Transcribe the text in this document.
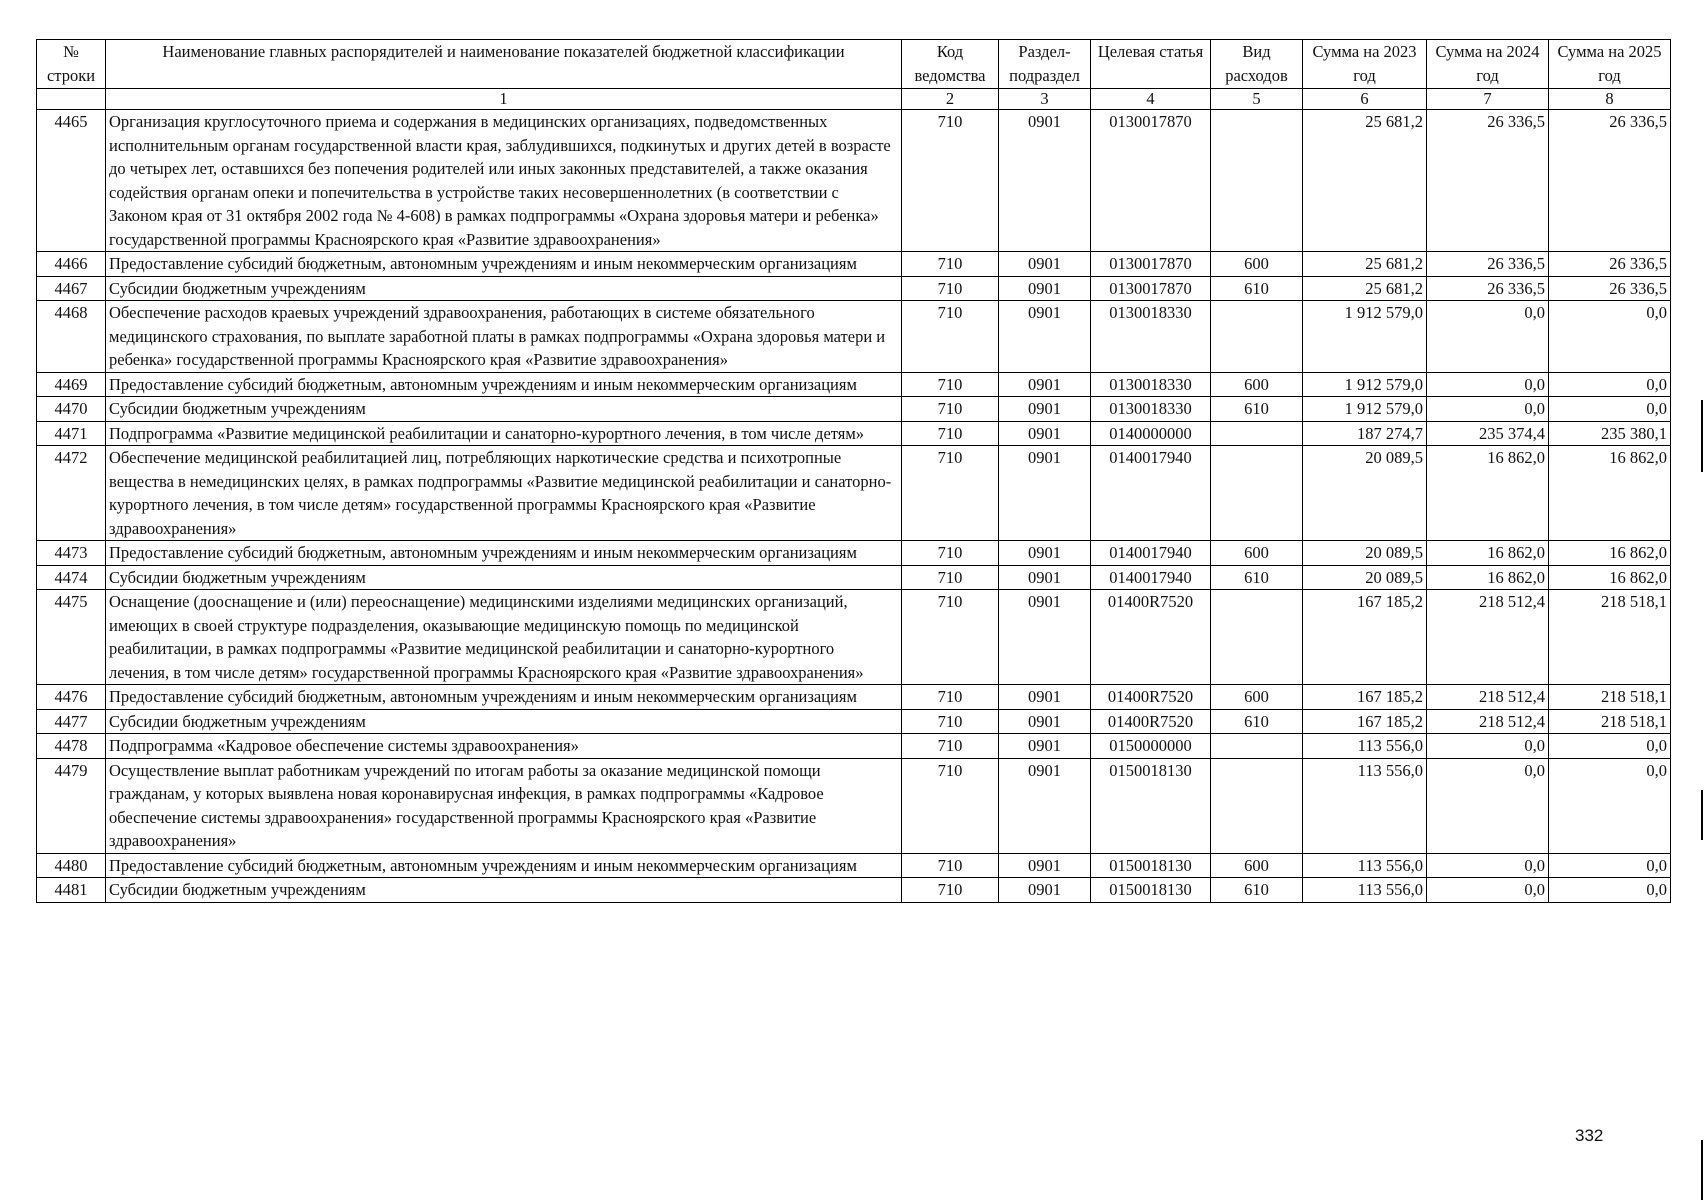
№ строки	Наименование главных распорядителей и наименование показателей бюджетной классификации	Код ведомства	Раздел-подраздел	Целевая статья	Вид расходов	Сумма на 2023 год	Сумма на 2024 год	Сумма на 2025 год
	1	2	3	4	5	6	7	8
4465	Организация круглосуточного приема и содержания в медицинских организациях, подведомственных исполнительным органам государственной власти края, заблудившихся, подкинутых и других детей в возрасте до четырех лет, оставшихся без попечения родителей или иных законных представителей, а также оказания содействия органам опеки и попечительства в устройстве таких несовершеннолетних (в соответствии с Законом края от 31 октября 2002 года № 4-608) в рамках подпрограммы «Охрана здоровья матери и ребенка» государственной программы Красноярского края «Развитие здравоохранения»	710	0901	0130017870		25 681,2	26 336,5	26 336,5
4466	Предоставление субсидий бюджетным, автономным учреждениям и иным некоммерческим организациям	710	0901	0130017870	600	25 681,2	26 336,5	26 336,5
4467	Субсидии бюджетным учреждениям	710	0901	0130017870	610	25 681,2	26 336,5	26 336,5
4468	Обеспечение расходов краевых учреждений здравоохранения, работающих в системе обязательного медицинского страхования, по выплате заработной платы в рамках подпрограммы «Охрана здоровья матери и ребенка» государственной программы Красноярского края «Развитие здравоохранения»	710	0901	0130018330		1 912 579,0	0,0	0,0
4469	Предоставление субсидий бюджетным, автономным учреждениям и иным некоммерческим организациям	710	0901	0130018330	600	1 912 579,0	0,0	0,0
4470	Субсидии бюджетным учреждениям	710	0901	0130018330	610	1 912 579,0	0,0	0,0
4471	Подпрограмма «Развитие медицинской реабилитации и санаторно-курортного лечения, в том числе детям»	710	0901	0140000000		187 274,7	235 374,4	235 380,1
4472	Обеспечение медицинской реабилитацией лиц, потребляющих наркотические средства и психотропные вещества в немедицинских целях, в рамках подпрограммы «Развитие медицинской реабилитации и санаторно-курортного лечения, в том числе детям» государственной программы Красноярского края «Развитие здравоохранения»	710	0901	0140017940		20 089,5	16 862,0	16 862,0
4473	Предоставление субсидий бюджетным, автономным учреждениям и иным некоммерческим организациям	710	0901	0140017940	600	20 089,5	16 862,0	16 862,0
4474	Субсидии бюджетным учреждениям	710	0901	0140017940	610	20 089,5	16 862,0	16 862,0
4475	Оснащение (дооснащение и (или) переоснащение) медицинскими изделиями медицинских организаций, имеющих в своей структуре подразделения, оказывающие медицинскую помощь по медицинской реабилитации, в рамках подпрограммы «Развитие медицинской реабилитации и санаторно-курортного лечения, в том числе детям» государственной программы Красноярского края «Развитие здравоохранения»	710	0901	01400R7520		167 185,2	218 512,4	218 518,1
4476	Предоставление субсидий бюджетным, автономным учреждениям и иным некоммерческим организациям	710	0901	01400R7520	600	167 185,2	218 512,4	218 518,1
4477	Субсидии бюджетным учреждениям	710	0901	01400R7520	610	167 185,2	218 512,4	218 518,1
4478	Подпрограмма «Кадровое обеспечение системы здравоохранения»	710	0901	0150000000		113 556,0	0,0	0,0
4479	Осуществление выплат работникам учреждений по итогам работы за оказание медицинской помощи гражданам, у которых выявлена новая коронавирусная инфекция, в рамках подпрограммы «Кадровое обеспечение системы здравоохранения» государственной программы Красноярского края «Развитие здравоохранения»	710	0901	0150018130		113 556,0	0,0	0,0
4480	Предоставление субсидий бюджетным, автономным учреждениям и иным некоммерческим организациям	710	0901	0150018130	600	113 556,0	0,0	0,0
4481	Субсидии бюджетным учреждениям	710	0901	0150018130	610	113 556,0	0,0	0,0
332
